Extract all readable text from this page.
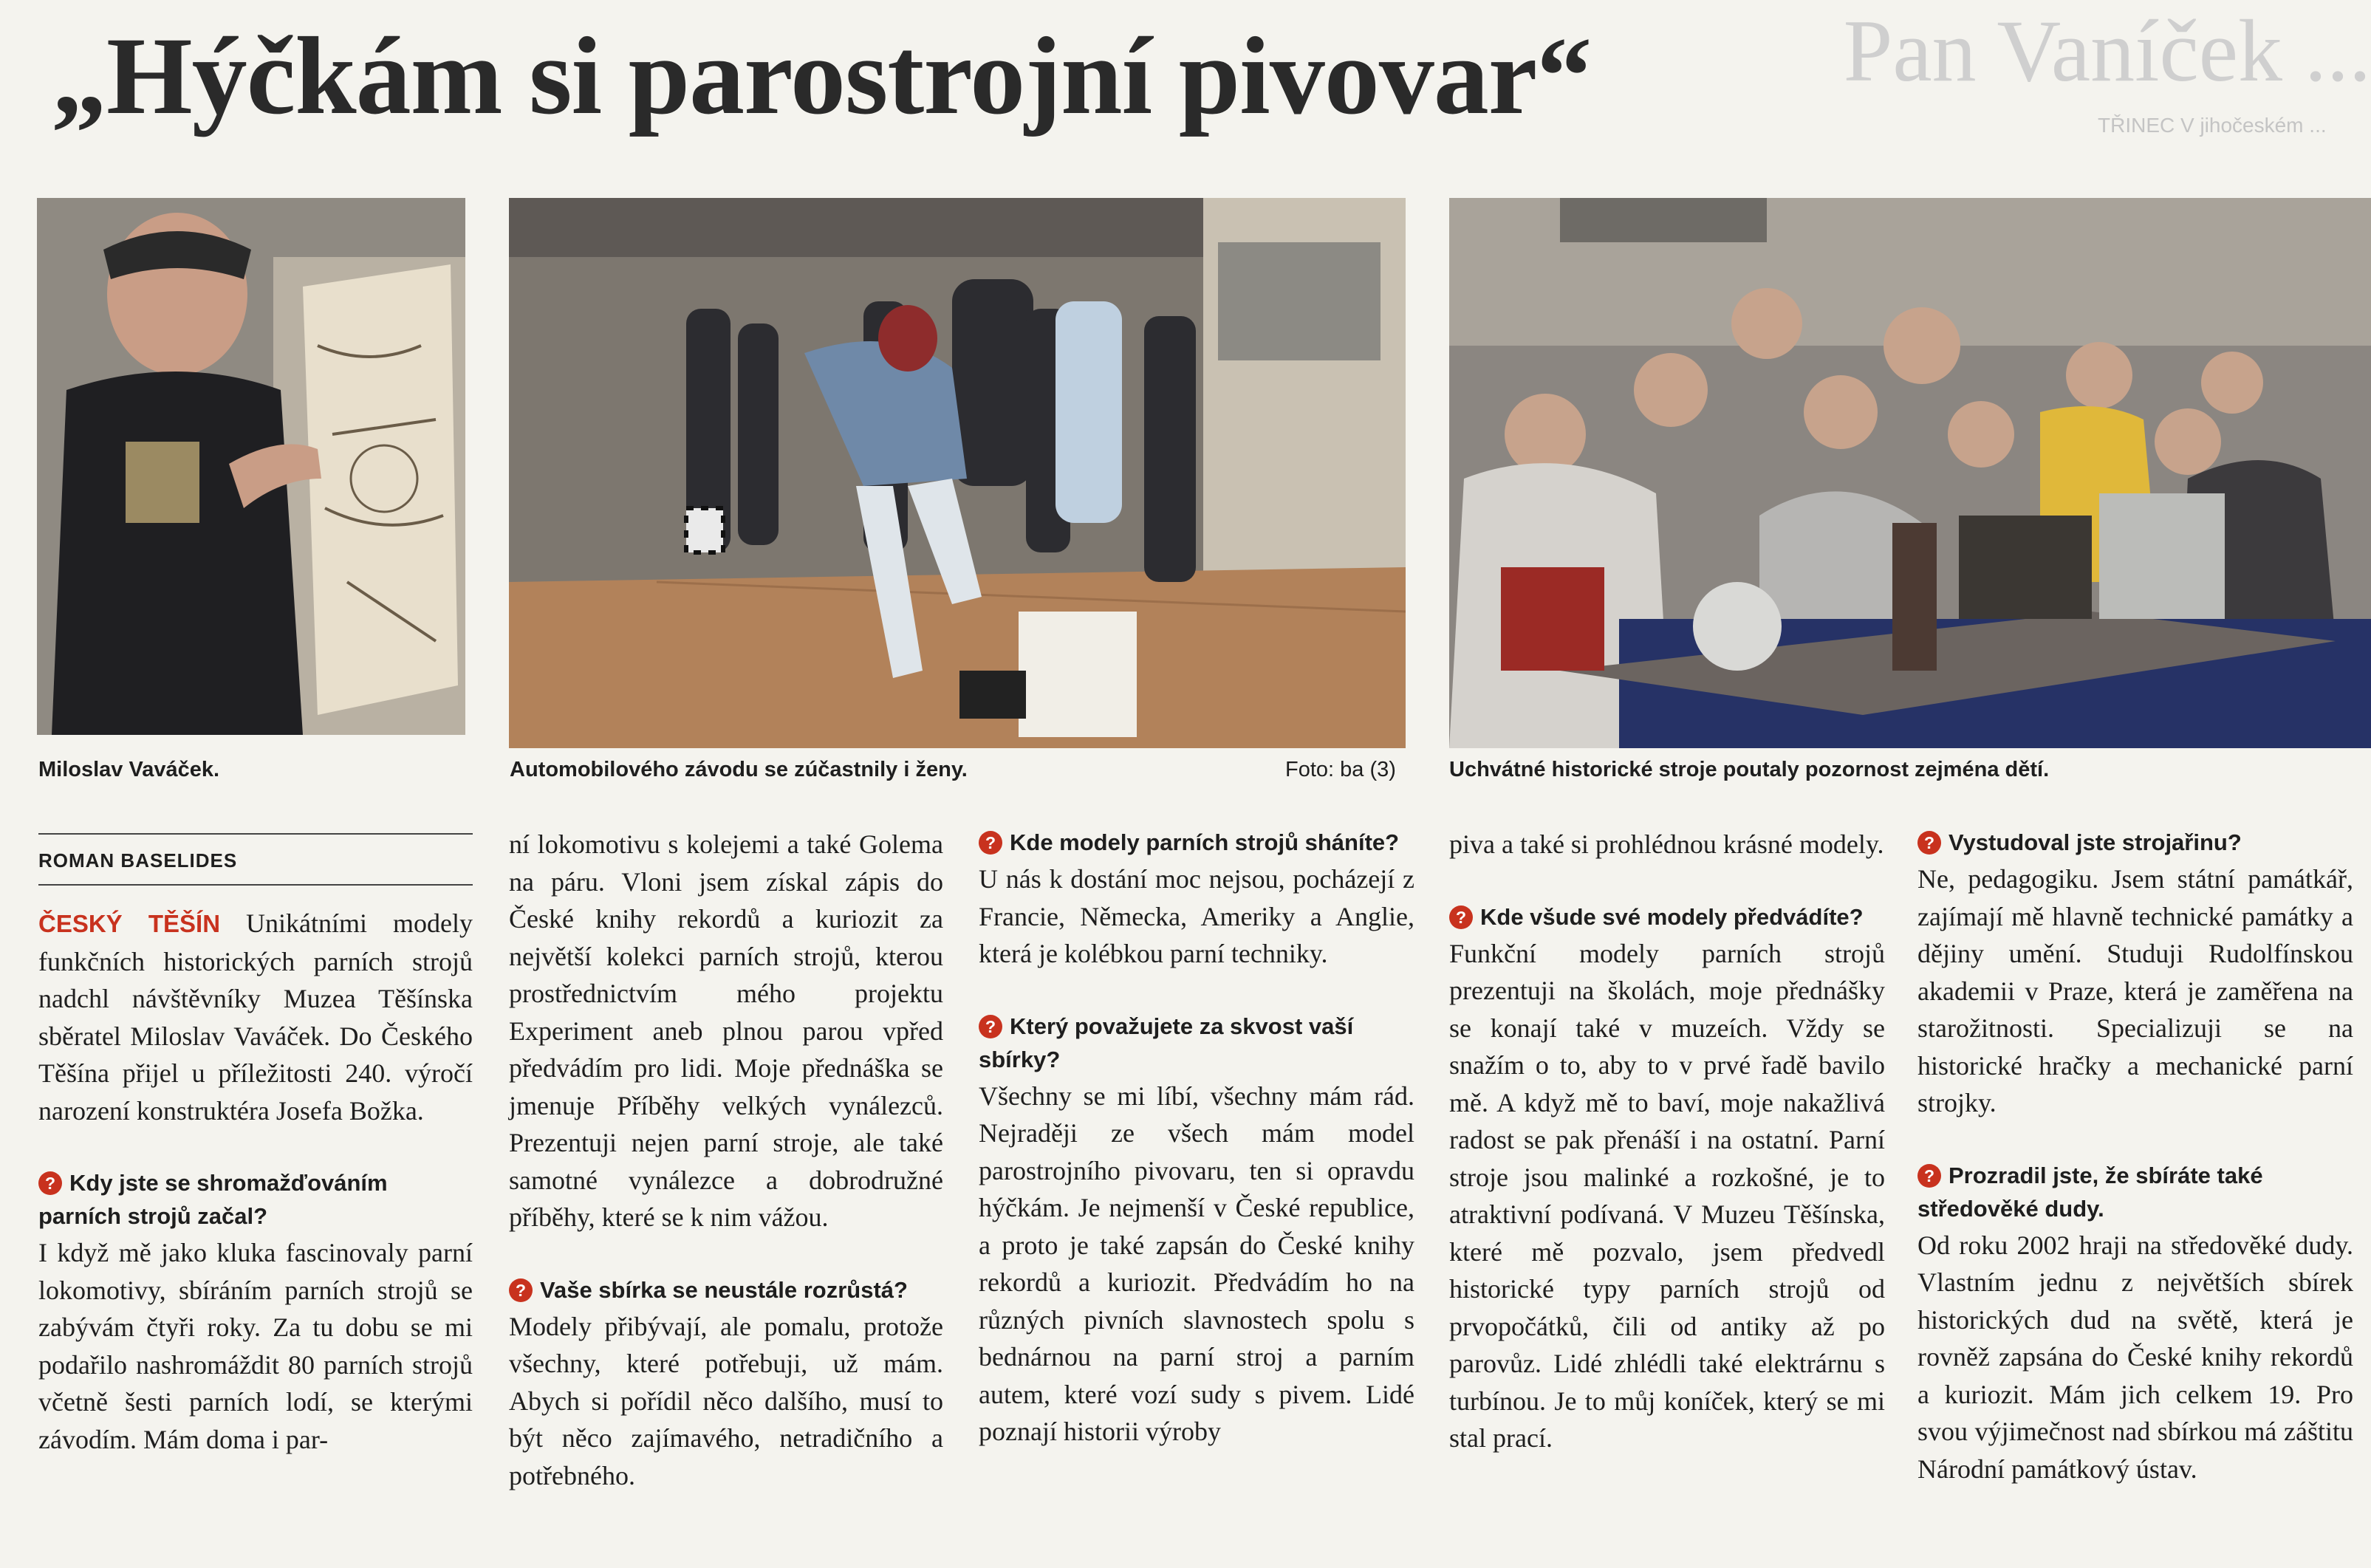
Pan Vaníček ...
TŘINEC V jihočeském ...
„Hýčkám si parostrojní pivovar“
Miloslav Vaváček.	Automobilového závodu se zúčastnily i ženy.	Foto: ba (3) Uchvátné historické stroje poutaly pozornost zejména dětí.
ROMAN BASELIDES

ČESKÝ TĚŠÍN Unikátními modely funkčních historických parních strojů nadchl návštěvníky Muzea Těšínska sběratel Miloslav Vaváček. Do Českého Těšína přijel u příležitosti 240. výročí narození konstruktéra Josefa Božka.

? Kdy jste se shromažďováním parních strojů začal?

I když mě jako kluka fascinovaly parní lokomotivy, sbíráním parních strojů se zabývám čtyři roky. Za tu dobu se mi podařilo nashromáždit 80 parních strojů včetně šesti parních lodí, se kterými závodím. Mám doma i par-

ní lokomotivu s kolejemi a také Golema na páru. Vloni jsem získal zápis do České knihy rekordů a kuriozit za největší kolekci parních strojů, kterou prostřednictvím mého projektu Experiment aneb plnou parou vpřed předvádím pro lidi. Moje přednáška se jmenuje Příběhy velkých vynálezců. Prezentuji nejen parní stroje, ale také samotné vynálezce a dobrodružné příběhy, které se k nim vážou.

? Vaše sbírka se neustále rozrůstá?

Modely přibývají, ale pomalu, protože všechny, které potřebuji, už mám. Abych si pořídil něco dalšího, musí to být něco zajímavého, netradičního a potřebného.

? Kde modely parních strojů sháníte?

U nás k dostání moc nejsou, pocházejí z Francie, Německa, Ameriky a Anglie, která je kolébkou parní techniky.

? Který považujete za skvost vaší sbírky?

Všechny se mi líbí, všechny mám rád. Nejraději ze všech mám model parostrojního pivovaru, ten si opravdu hýčkám. Je nejmenší v České republice, a proto je také zapsán do České knihy rekordů a kuriozit. Předvádím ho na různých pivních slavnostech spolu s bednárnou na parní stroj a parním autem, které vozí sudy s pivem. Lidé poznají historii výroby

piva a také si prohlédnou krásné modely.

? Kde všude své modely předvádíte?

Funkční modely parních strojů prezentuji na školách, moje přednášky se konají také v muzeích. Vždy se snažím o to, aby to v prvé řadě bavilo mě. A když mě to baví, moje nakažlivá radost se pak přenáší i na ostatní. Parní stroje jsou malinké a rozkošné, je to atraktivní podívaná. V Muzeu Těšínska, které mě pozvalo, jsem předvedl historické typy parních strojů od prvopočátků, čili od antiky až po parovůz. Lidé zhlédli také elektrárnu s turbínou. Je to můj koníček, který se mi stal prací.

? Vystudoval jste strojařinu?

Ne, pedagogiku. Jsem státní památkář, zajímají mě hlavně technické památky a dějiny umění. Studuji Rudolfínskou akademii v Praze, která je zaměřena na starožitnosti. Specializuji se na historické hračky a mechanické parní strojky.

? Prozradil jste, že sbíráte také středověké dudy.

Od roku 2002 hraji na středověké dudy. Vlastním jednu z největších sbírek historických dud na světě, která je rovněž zapsána do České knihy rekordů a kuriozit. Mám jich celkem 19. Pro svou výjimečnost nad sbírkou má záštitu Národní památkový ústav.
